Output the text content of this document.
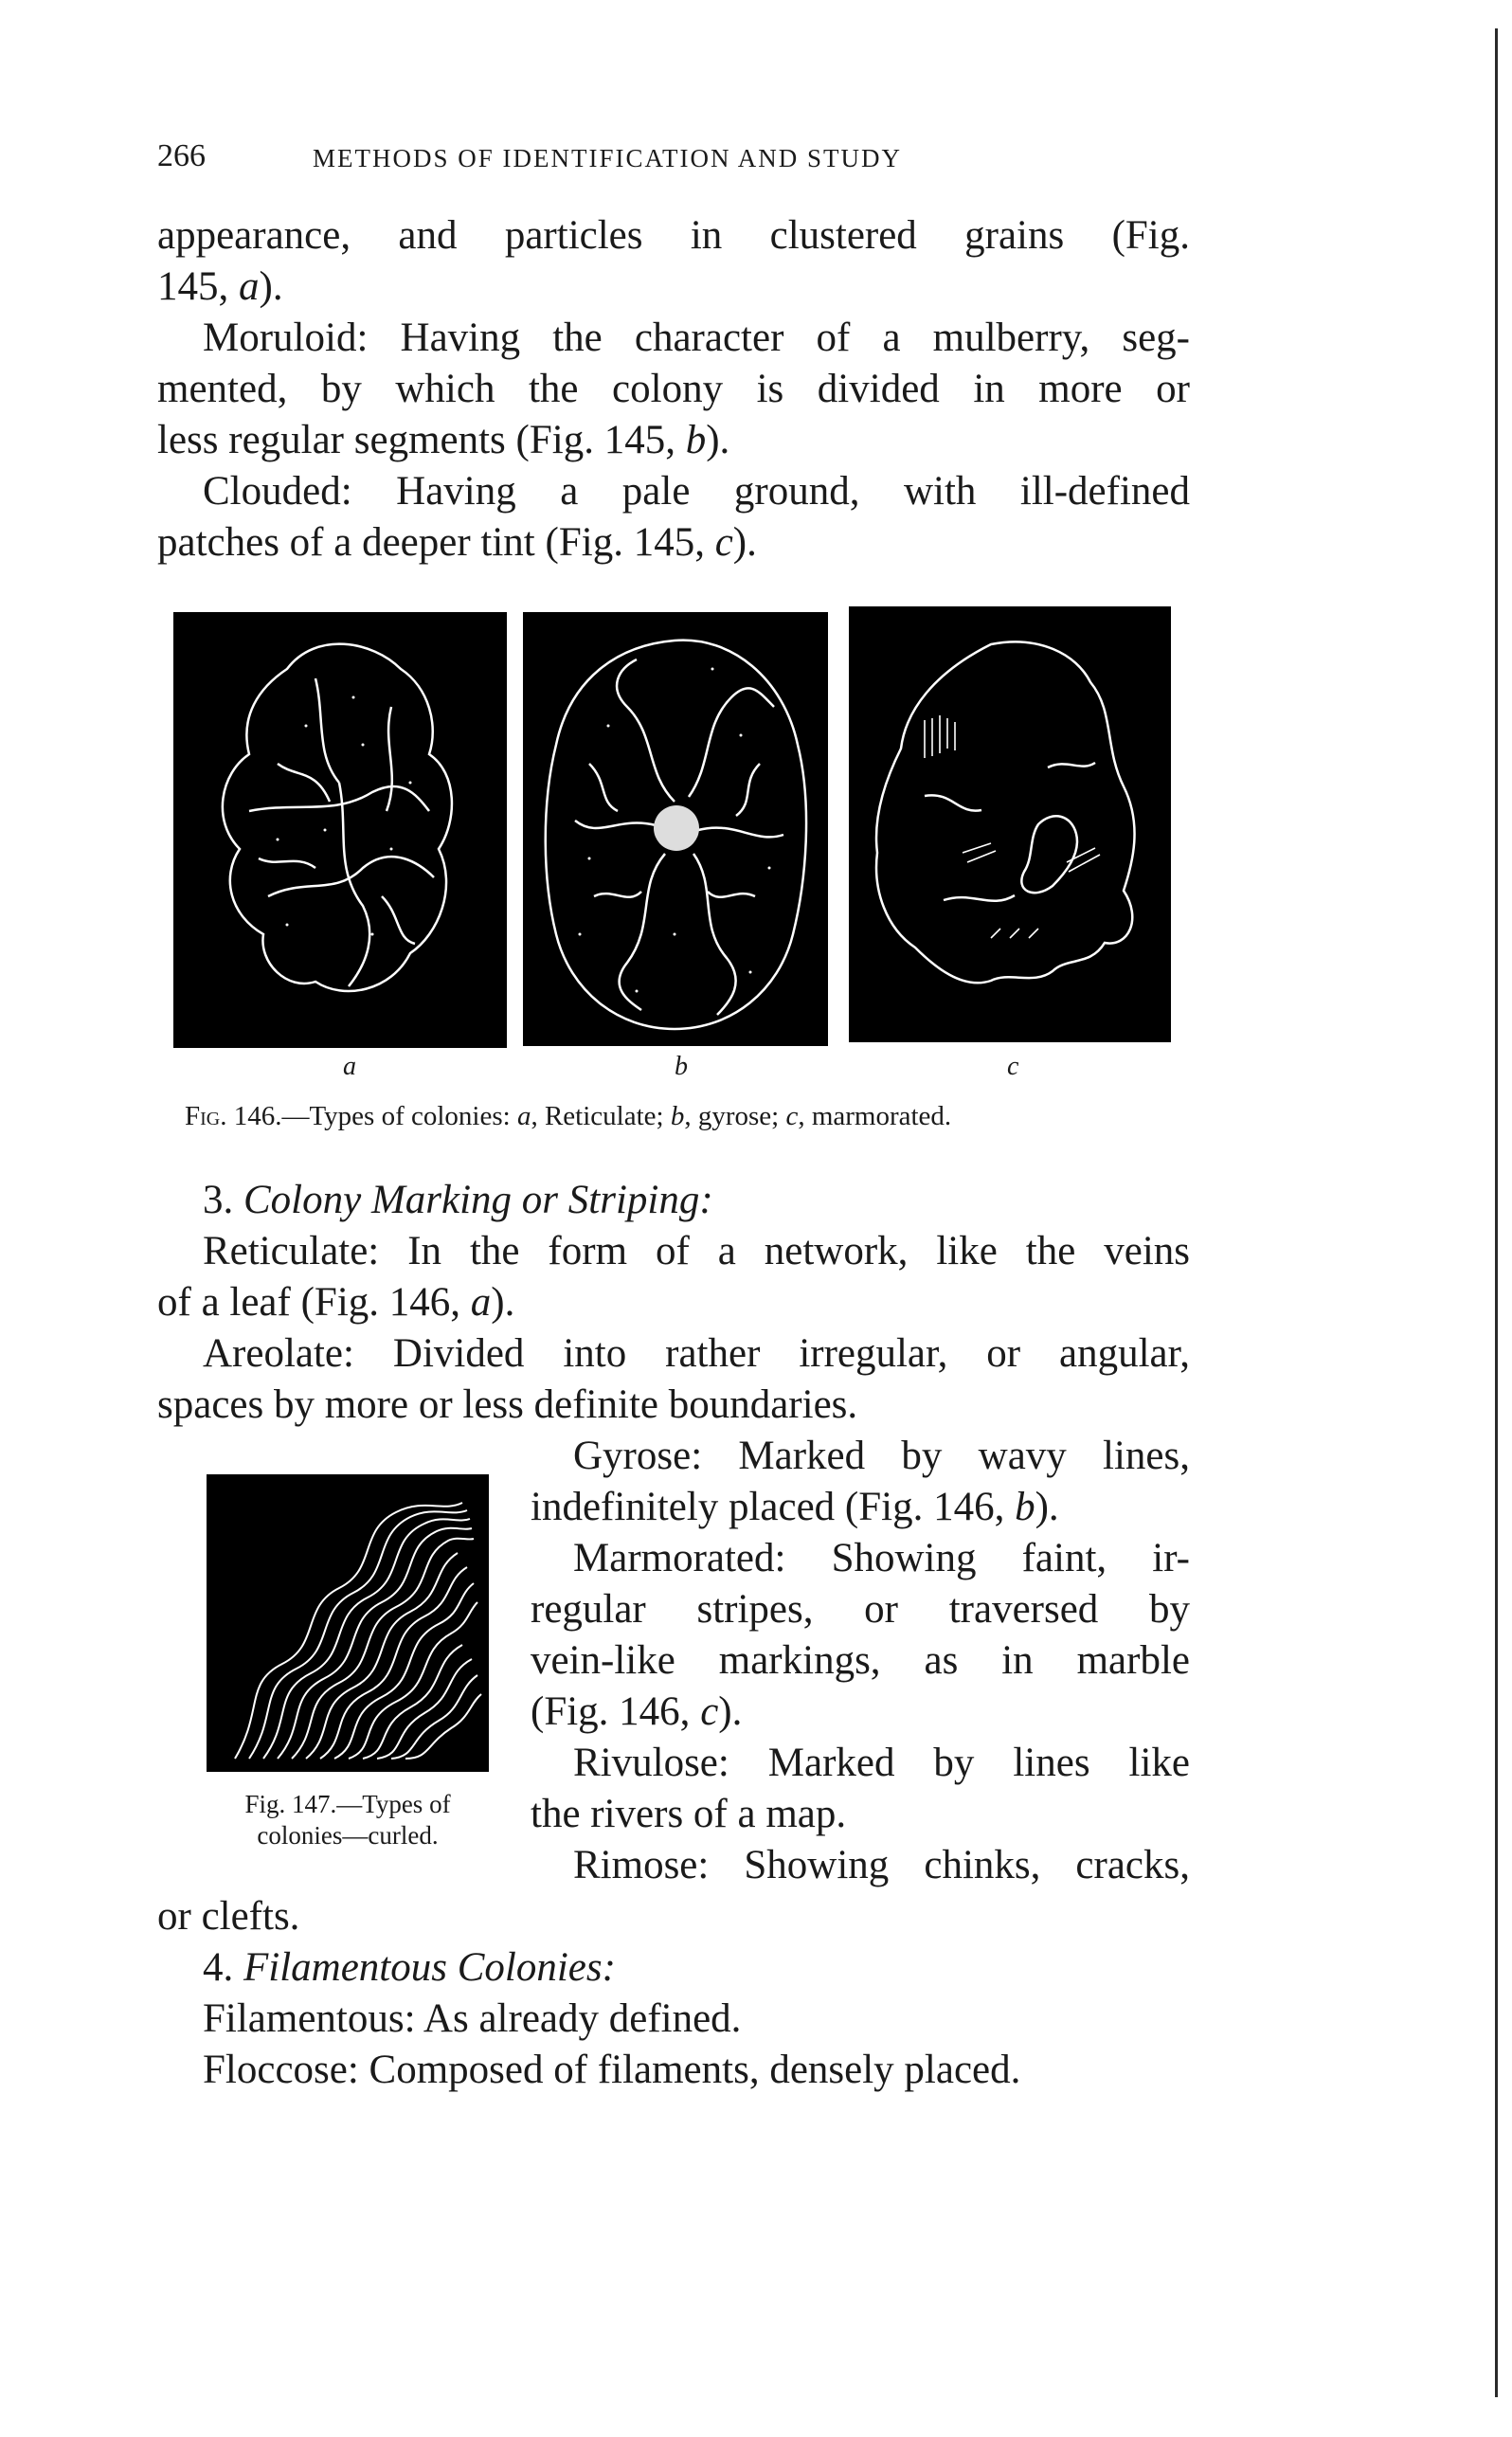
266	METHODS OF IDENTIFICATION AND STUDY

appearance, and particles in clustered grains (Fig.

145, a).

Moruloid: Having the character of a mulberry, seg-

mented, by which the colony is divided in more or

less regular segments (Fig. 145, b).

Clouded: Having a pale ground, with ill-defined

patches of a deeper tint (Fig. 145, c).

a	b	c
Fig. 146.—Types of colonies: a, Reticulate; b, gyrose; c, marmorated.

3. Colony Marking or Striping:

Reticulate: In the form of a network, like the veins

of a leaf (Fig. 146, a).

Areolate: Divided into rather irregular, or angular,

spaces by more or less definite boundaries.

Fig. 147.—Types of
colonies—curled.

Gyrose: Marked by wavy lines,

indefinitely placed (Fig. 146, b).

Marmorated: Showing faint, ir-

regular stripes, or traversed by

vein-like markings, as in marble

(Fig. 146, c).

Rivulose: Marked by lines like

the rivers of a map.

Rimose: Showing chinks, cracks,

or clefts.

4. Filamentous Colonies:

Filamentous: As already defined.

Floccose: Composed of filaments, densely placed.
